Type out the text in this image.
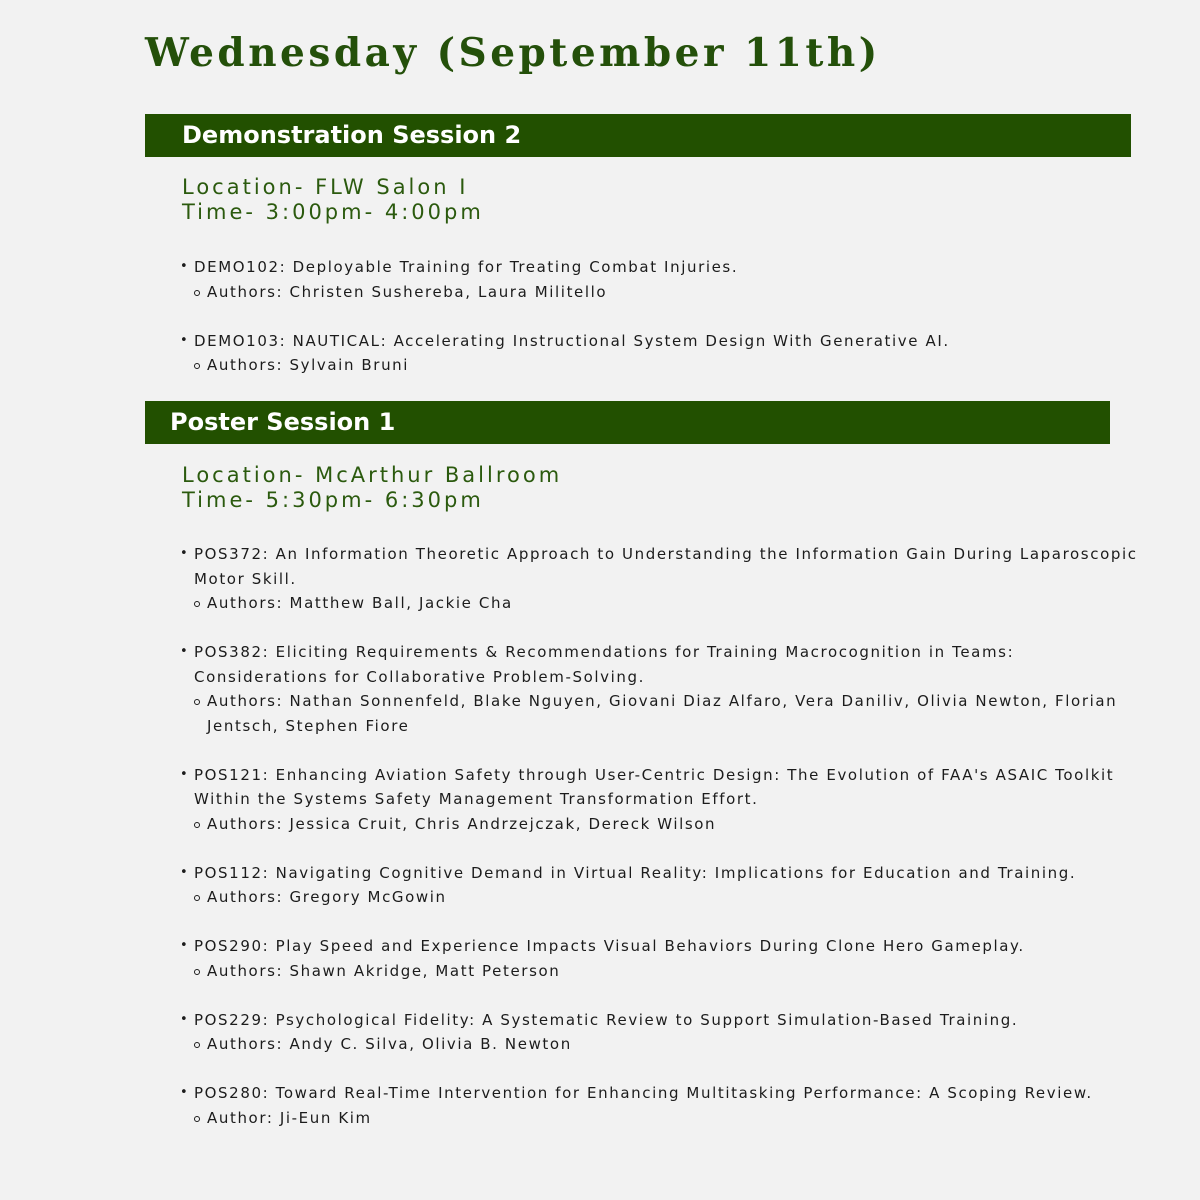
Wednesday (September 11th)
Demonstration Session 2
Location- FLW Salon I
Time- 3:00pm- 4:00pm
• DEMO102: Deployable Training for Treating Combat Injuries.
Authors: Christen Sushereba, Laura Militello
• DEMO103: NAUTICAL: Accelerating Instructional System Design With Generative AI.
Authors: Sylvain Bruni
Poster Session 1
Location- McArthur Ballroom
Time- 5:30pm- 6:30pm
• POS372: An Information Theoretic Approach to Understanding the Information Gain During Laparoscopic Motor Skill.
Authors: Matthew Ball, Jackie Cha
• POS382: Eliciting Requirements & Recommendations for Training Macrocognition in Teams: Considerations for Collaborative Problem-Solving.
Authors: Nathan Sonnenfeld, Blake Nguyen, Giovani Diaz Alfaro, Vera Daniliv, Olivia Newton, Florian Jentsch, Stephen Fiore
• POS121: Enhancing Aviation Safety through User-Centric Design: The Evolution of FAA's ASAIC Toolkit Within the Systems Safety Management Transformation Effort.
Authors: Jessica Cruit, Chris Andrzejczak, Dereck Wilson
• POS112: Navigating Cognitive Demand in Virtual Reality: Implications for Education and Training.
Authors: Gregory McGowin
• POS290: Play Speed and Experience Impacts Visual Behaviors During Clone Hero Gameplay.
Authors: Shawn Akridge, Matt Peterson
• POS229: Psychological Fidelity: A Systematic Review to Support Simulation-Based Training.
Authors: Andy C. Silva, Olivia B. Newton
• POS280: Toward Real-Time Intervention for Enhancing Multitasking Performance: A Scoping Review.
Author: Ji-Eun Kim
